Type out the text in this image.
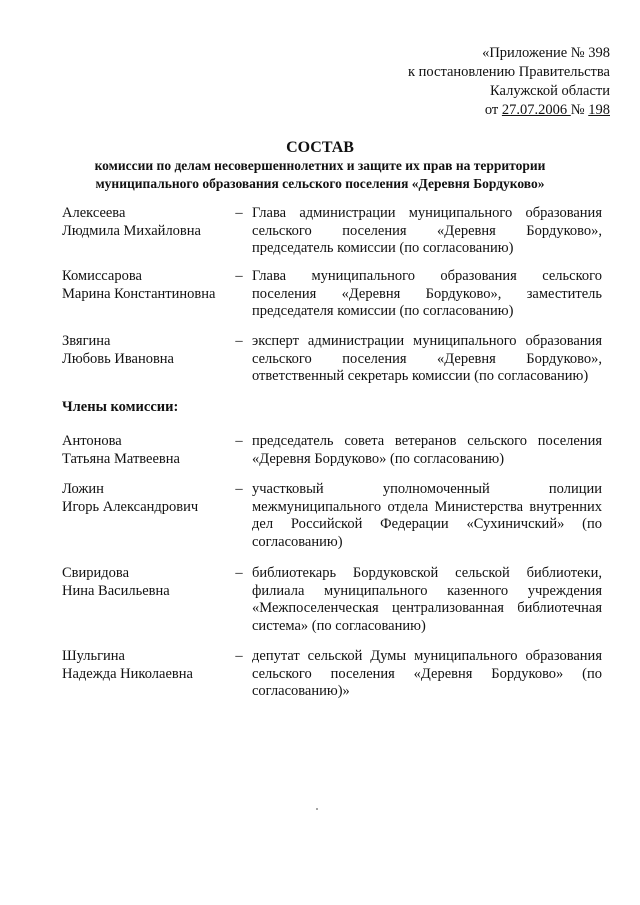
«Приложение № 398
к постановлению Правительства
Калужской области
от 27.07.2006 № 198
СОСТАВ
комиссии по делам несовершеннолетних и защите их прав на территории
муниципального образования сельского поселения «Деревня Бордуково»
Алексеева
Людмила Михайловна
– Глава администрации муниципального образования сельского поселения «Деревня Бордуково», председатель комиссии (по согласованию)
Комиссарова
Марина Константиновна
– Глава муниципального образования сельского поселения «Деревня Бордуково», заместитель председателя комиссии (по согласованию)
Звягина
Любовь Ивановна
– эксперт администрации муниципального образования сельского поселения «Деревня Бордуково», ответственный секретарь комиссии (по согласованию)
Члены комиссии:
Антонова
Татьяна Матвеевна
– председатель совета ветеранов сельского поселения «Деревня Бордуково» (по согласованию)
Ложин
Игорь Александрович
– участковый уполномоченный полиции межмуниципального отдела Министерства внутренних дел Российской Федерации «Сухиничский» (по согласованию)
Свиридова
Нина Васильевна
– библиотекарь Бордуковской сельской библиотеки, филиала муниципального казенного учреждения «Межпоселенческая централизованная библиотечная система» (по согласованию)
Шульгина
Надежда Николаевна
– депутат сельской Думы муниципального образования сельского поселения «Деревня Бордуково» (по согласованию)»
